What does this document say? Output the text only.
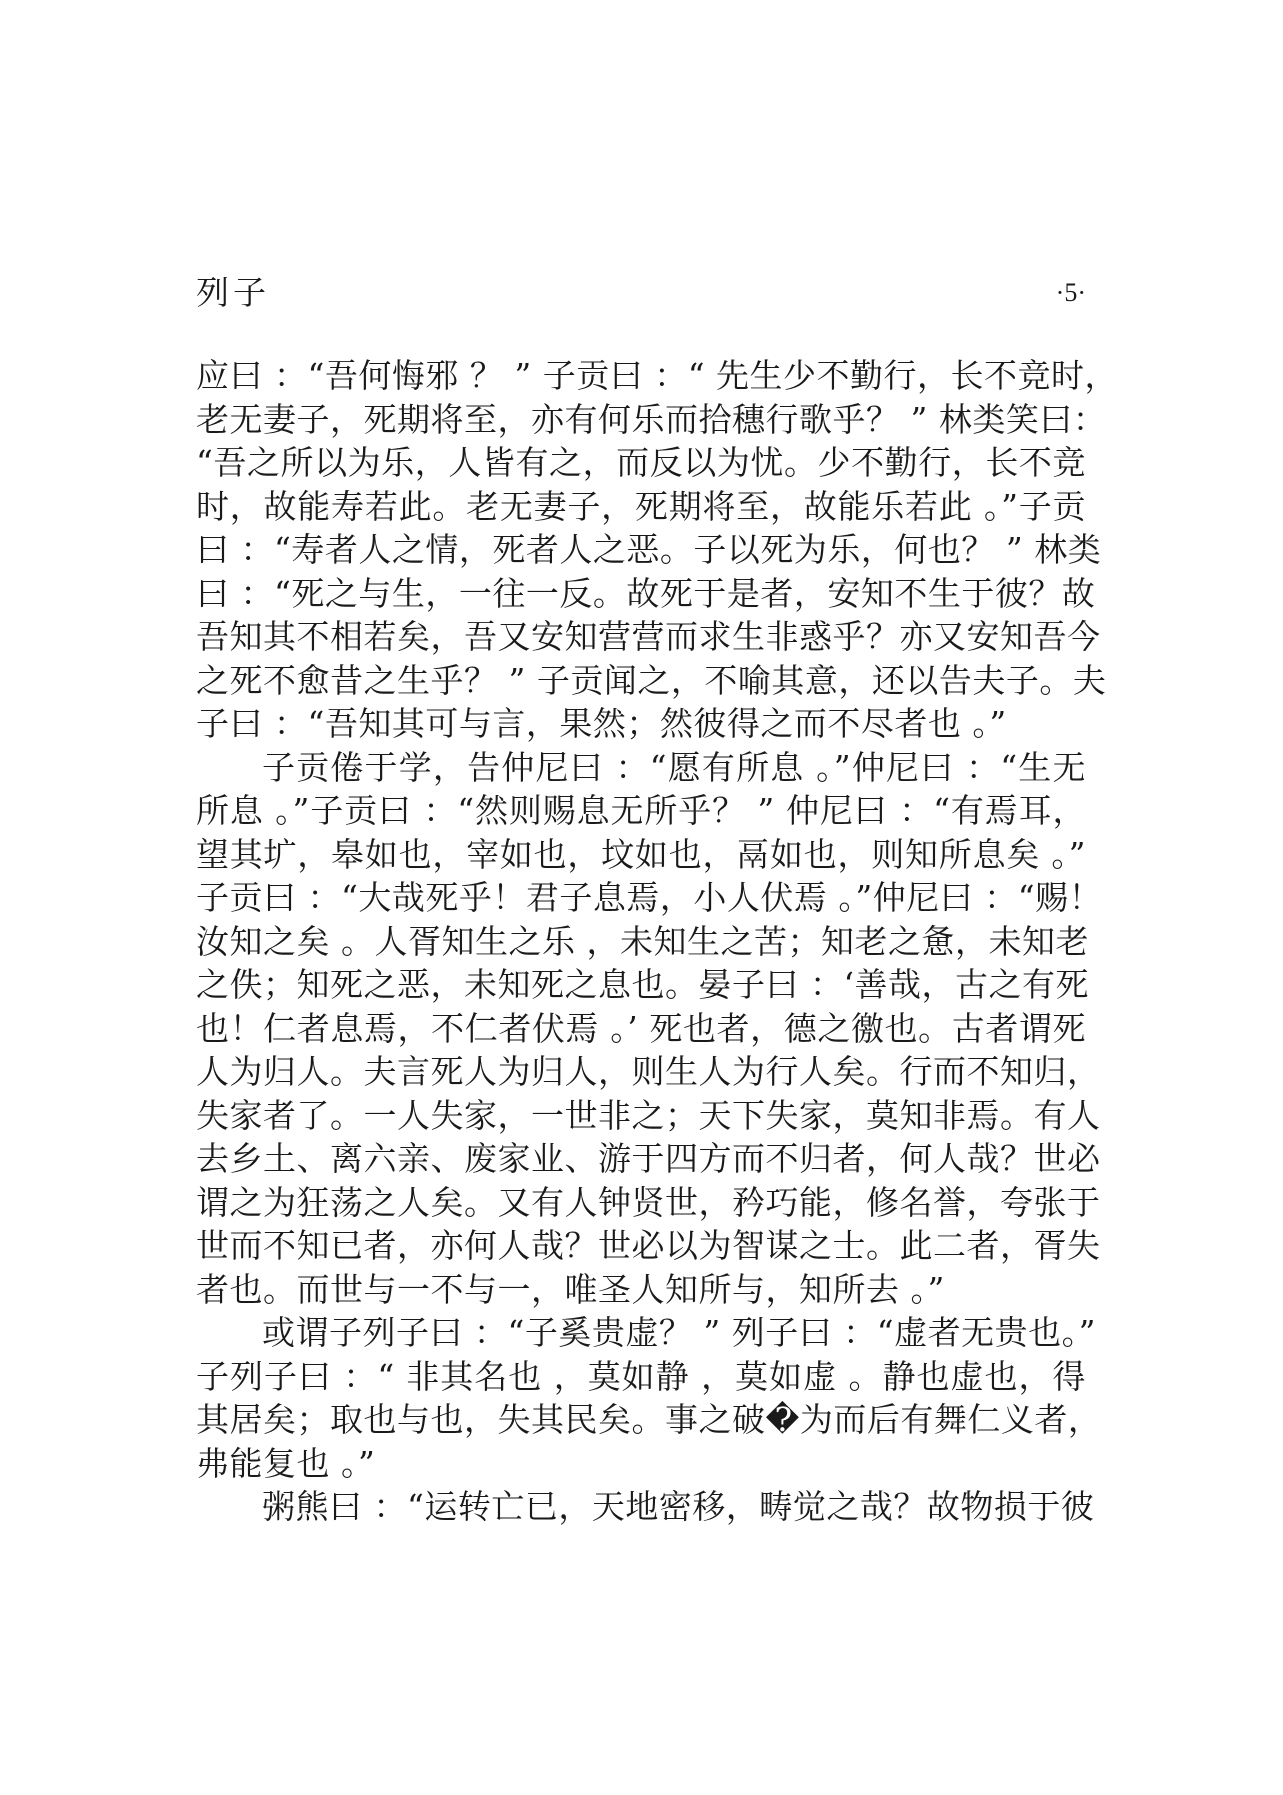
列子	·5·
应曰 ：“吾何悔邪 ？ ” 子贡曰 ：“ 先生少不勤行，长不竞时，
老无妻子，死期将至，亦有何乐而拾穗行歌乎？ ” 林类笑曰：
“吾之所以为乐，人皆有之，而反以为忧。少不勤行，长不竞
时，故能寿若此。老无妻子，死期将至，故能乐若此 。”子贡
曰 ：“寿者人之情，死者人之恶。子以死为乐，何也？ ” 林类
曰 ：“死之与生，一往一反。故死于是者，安知不生于彼？故
吾知其不相若矣，吾又安知营营而求生非惑乎？亦又安知吾今
之死不愈昔之生乎？ ” 子贡闻之，不喻其意，还以告夫子。夫
子曰 ：“吾知其可与言，果然；然彼得之而不尽者也 。”
子贡倦于学，告仲尼曰 ：“愿有所息 。”仲尼曰 ：“生无
所息 。”子贡曰 ：“然则赐息无所乎？ ” 仲尼曰 ：“有焉耳，
望其圹，皋如也，宰如也，坟如也，鬲如也，则知所息矣 。”
子贡曰 ：“大哉死乎！君子息焉，小人伏焉 。”仲尼曰 ：“赐！
汝知之矣 。人胥知生之乐 ，未知生之苦；知老之惫，未知老
之佚；知死之恶，未知死之息也。晏子曰 ：‘善哉，古之有死
也！仁者息焉，不仁者伏焉 。’ 死也者，德之徼也。古者谓死
人为归人。夫言死人为归人，则生人为行人矣。行而不知归，
失家者了。一人失家，一世非之；天下失家，莫知非焉。有人
去乡土、离六亲、废家业、游于四方而不归者，何人哉？世必
谓之为狂荡之人矣。又有人钟贤世，矜巧能，修名誉，夸张于
世而不知已者，亦何人哉？世必以为智谋之士。此二者，胥失
者也。而世与一不与一，唯圣人知所与，知所去 。”
或谓子列子曰 ：“子奚贵虚？ ” 列子曰 ：“虚者无贵也。”
子列子曰 ：“ 非其名也 ，莫如静 ，莫如虚 。静也虚也，得
其居矣；取也与也，失其民矣。事之破�为而后有舞仁义者，
弗能复也 。”
粥熊曰 ：“运转亡已，天地密移，畴觉之哉？故物损于彼
